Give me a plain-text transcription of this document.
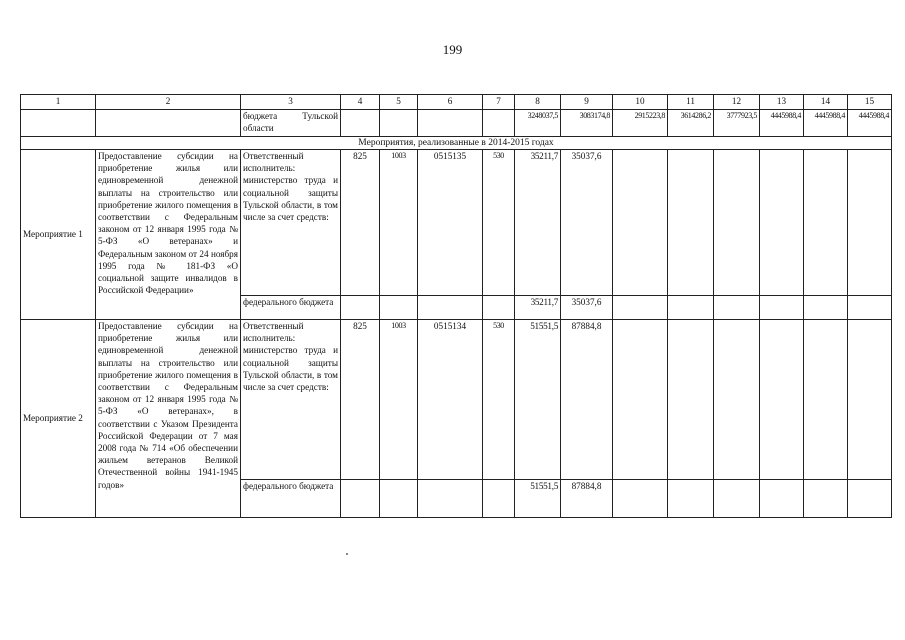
199
1	2	3	4	5	6	7	8	9	10	11	12	13	14	15
		бюджета Тульской области					3248037,5	3083174,8	2915223,8	3614286,2	3777923,5	4445988,4	4445988,4	4445988,4
Мероприятия, реализованные в 2014-2015 годах														
Мероприятие 1	Предоставление субсидии на приобретение жилья или единовременной денежной выплаты на строительство или приобретение жилого помещения в соответствии с Федеральным законом от 12 января 1995 года № 5-ФЗ «О ветеранах» и Федеральным законом от 24 ноября 1995 года № 181-ФЗ «О социальной защите инвалидов в Российской Федерации»	Ответственный исполнитель: министерство труда и социальной защиты Тульской области, в том числе за счет средств:	825	1003	0515135	530	35211,7	35037,6						
		федерального бюджета					35211,7	35037,6						
Мероприятие 2	Предоставление субсидии на приобретение жилья или единовременной денежной выплаты на строительство или приобретение жилого помещения в соответствии с Федеральным законом от 12 января 1995 года № 5-ФЗ «О ветеранах», в соответствии с Указом Президента Российской Федерации от 7 мая 2008 года № 714 «Об обеспечении жильем ветеранов Великой Отечественной войны 1941-1945 годов»	Ответственный исполнитель: министерство труда и социальной защиты Тульской области, в том числе за счет средств:	825	1003	0515134	530	51551,5	87884,8						
		федерального бюджета					51551,5	87884,8						
